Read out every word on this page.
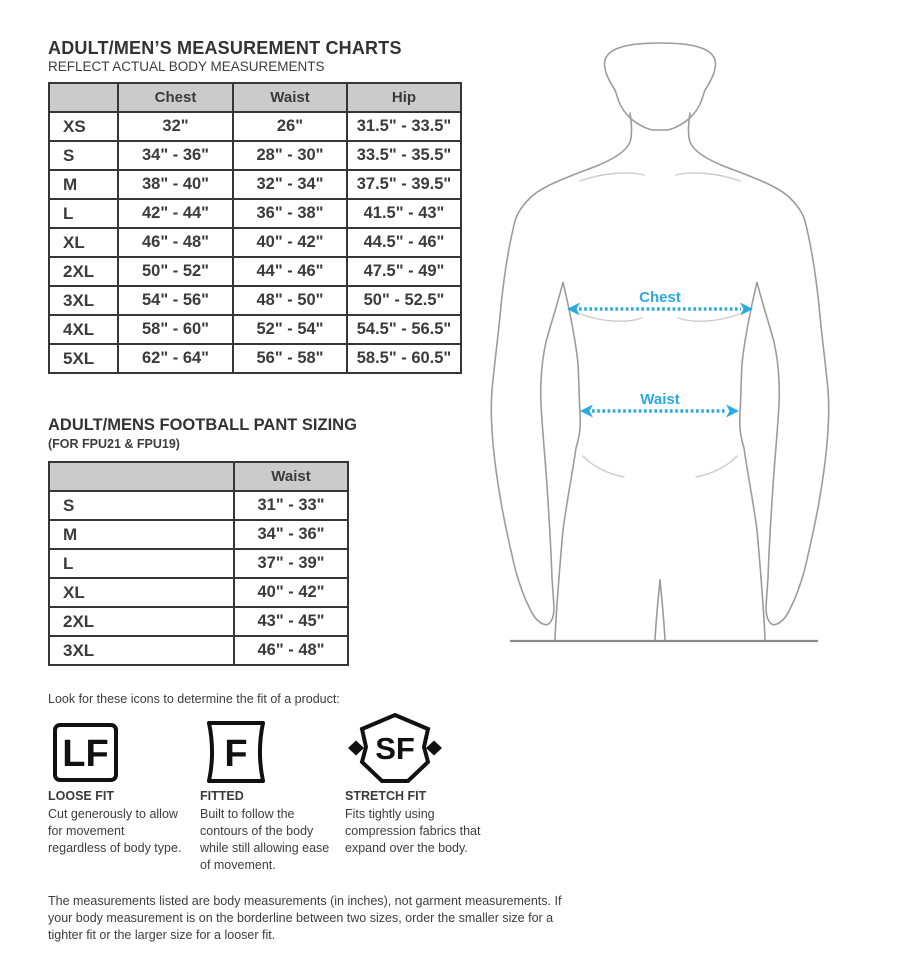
ADULT/MEN’S MEASUREMENT CHARTS
REFLECT ACTUAL BODY MEASUREMENTS
	Chest	Waist	Hip
XS	32"	26"	31.5" - 33.5"
S	34" - 36"	28" - 30"	33.5" - 35.5"
M	38" - 40"	32" - 34"	37.5" - 39.5"
L	42" - 44"	36" - 38"	41.5" - 43"
XL	46" - 48"	40" - 42"	44.5" - 46"
2XL	50" - 52"	44" - 46"	47.5" - 49"
3XL	54" - 56"	48" - 50"	50" - 52.5"
4XL	58" - 60"	52" - 54"	54.5" - 56.5"
5XL	62" - 64"	56" - 58"	58.5" - 60.5"
ADULT/MENS FOOTBALL PANT SIZING
(FOR FPU21 & FPU19)
	Waist
S	31" - 33"
M	34" - 36"
L	37" - 39"
XL	40" - 42"
2XL	43" - 45"
3XL	46" - 48"
Look for these icons to determine the fit of a product:
LF
LOOSE FIT
Cut generously to allow for movement regardless of body type.
F
FITTED
Built to follow the contours of the body while still allowing ease of movement.
SF
STRETCH FIT
Fits tightly using compression fabrics that expand over the body.
The measurements listed are body measurements (in inches), not garment measurements. If your body measurement is on the borderline between two sizes, order the smaller size for a tighter fit or the larger size for a looser fit.
Chest
Waist
